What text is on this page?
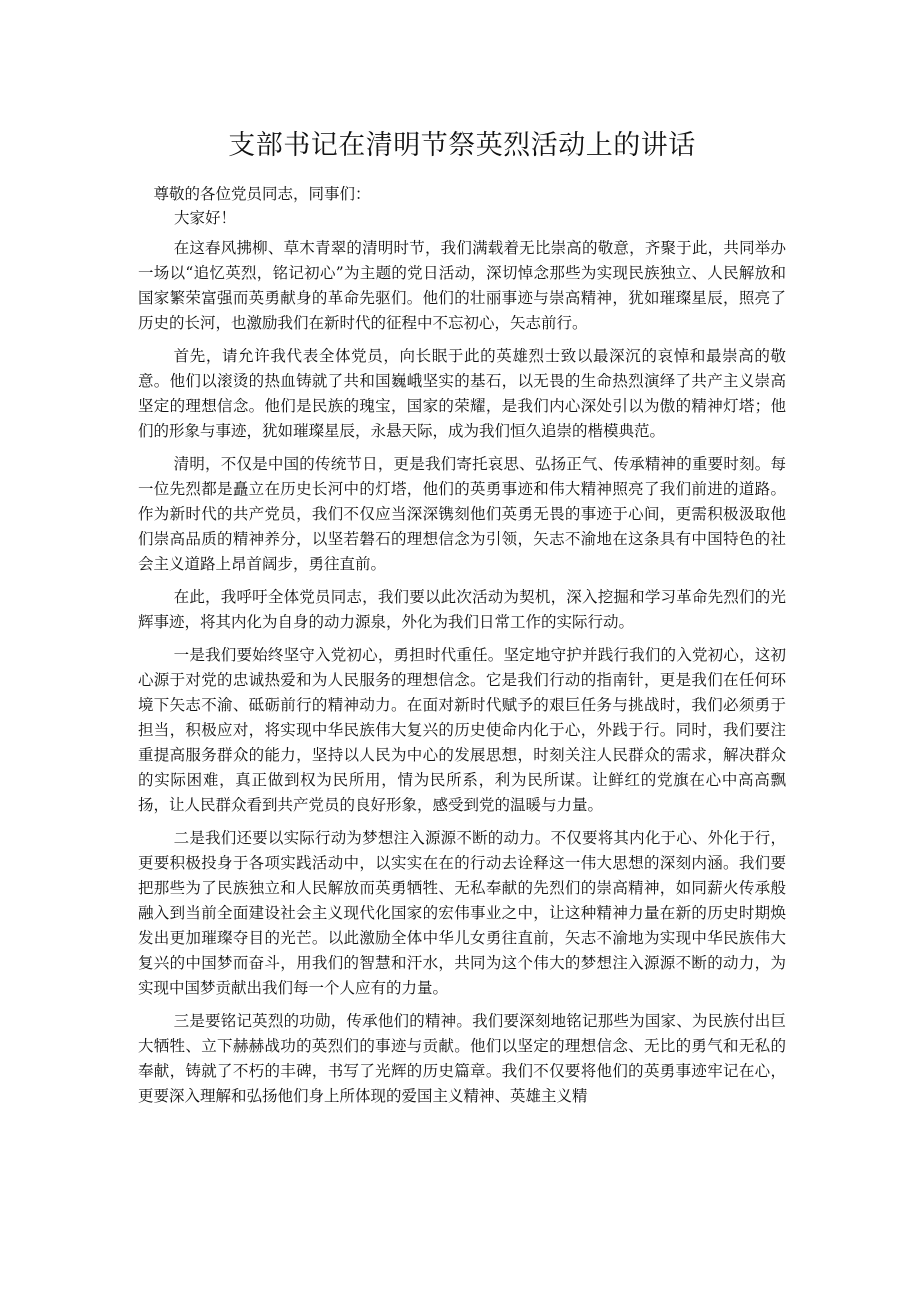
支部书记在清明节祭英烈活动上的讲话

尊敬的各位党员同志，同事们：

大家好！

在这春风拂柳、草木青翠的清明时节，我们满载着无比崇高的敬意，齐聚于此，共同举办一场以“追忆英烈，铭记初心”为主题的党日活动，深切悼念那些为实现民族独立、人民解放和国家繁荣富强而英勇献身的革命先驱们。他们的壮丽事迹与崇高精神，犹如璀璨星辰，照亮了历史的长河，也激励我们在新时代的征程中不忘初心，矢志前行。

首先，请允许我代表全体党员，向长眠于此的英雄烈士致以最深沉的哀悼和最崇高的敬意。他们以滚烫的热血铸就了共和国巍峨坚实的基石，以无畏的生命热烈演绎了共产主义崇高坚定的理想信念。他们是民族的瑰宝，国家的荣耀，是我们内心深处引以为傲的精神灯塔；他们的形象与事迹，犹如璀璨星辰，永悬天际，成为我们恒久追崇的楷模典范。

清明，不仅是中国的传统节日，更是我们寄托哀思、弘扬正气、传承精神的重要时刻。每一位先烈都是矗立在历史长河中的灯塔，他们的英勇事迹和伟大精神照亮了我们前进的道路。作为新时代的共产党员，我们不仅应当深深镌刻他们英勇无畏的事迹于心间，更需积极汲取他们崇高品质的精神养分，以坚若磐石的理想信念为引领，矢志不渝地在这条具有中国特色的社会主义道路上昂首阔步，勇往直前。

在此，我呼吁全体党员同志，我们要以此次活动为契机，深入挖掘和学习革命先烈们的光辉事迹，将其内化为自身的动力源泉，外化为我们日常工作的实际行动。

一是我们要始终坚守入党初心，勇担时代重任。坚定地守护并践行我们的入党初心，这初心源于对党的忠诚热爱和为人民服务的理想信念。它是我们行动的指南针，更是我们在任何环境下矢志不渝、砥砺前行的精神动力。在面对新时代赋予的艰巨任务与挑战时，我们必须勇于担当，积极应对，将实现中华民族伟大复兴的历史使命内化于心，外践于行。同时，我们要注重提高服务群众的能力，坚持以人民为中心的发展思想，时刻关注人民群众的需求，解决群众的实际困难，真正做到权为民所用，情为民所系，利为民所谋。让鲜红的党旗在心中高高飘扬，让人民群众看到共产党员的良好形象，感受到党的温暖与力量。

二是我们还要以实际行动为梦想注入源源不断的动力。不仅要将其内化于心、外化于行，更要积极投身于各项实践活动中，以实实在在的行动去诠释这一伟大思想的深刻内涵。我们要把那些为了民族独立和人民解放而英勇牺牲、无私奉献的先烈们的崇高精神，如同薪火传承般融入到当前全面建设社会主义现代化国家的宏伟事业之中，让这种精神力量在新的历史时期焕发出更加璀璨夺目的光芒。以此激励全体中华儿女勇往直前，矢志不渝地为实现中华民族伟大复兴的中国梦而奋斗，用我们的智慧和汗水，共同为这个伟大的梦想注入源源不断的动力，为实现中国梦贡献出我们每一个人应有的力量。

三是要铭记英烈的功勋，传承他们的精神。我们要深刻地铭记那些为国家、为民族付出巨大牺牲、立下赫赫战功的英烈们的事迹与贡献。他们以坚定的理想信念、无比的勇气和无私的奉献，铸就了不朽的丰碑，书写了光辉的历史篇章。我们不仅要将他们的英勇事迹牢记在心，更要深入理解和弘扬他们身上所体现的爱国主义精神、英雄主义精
